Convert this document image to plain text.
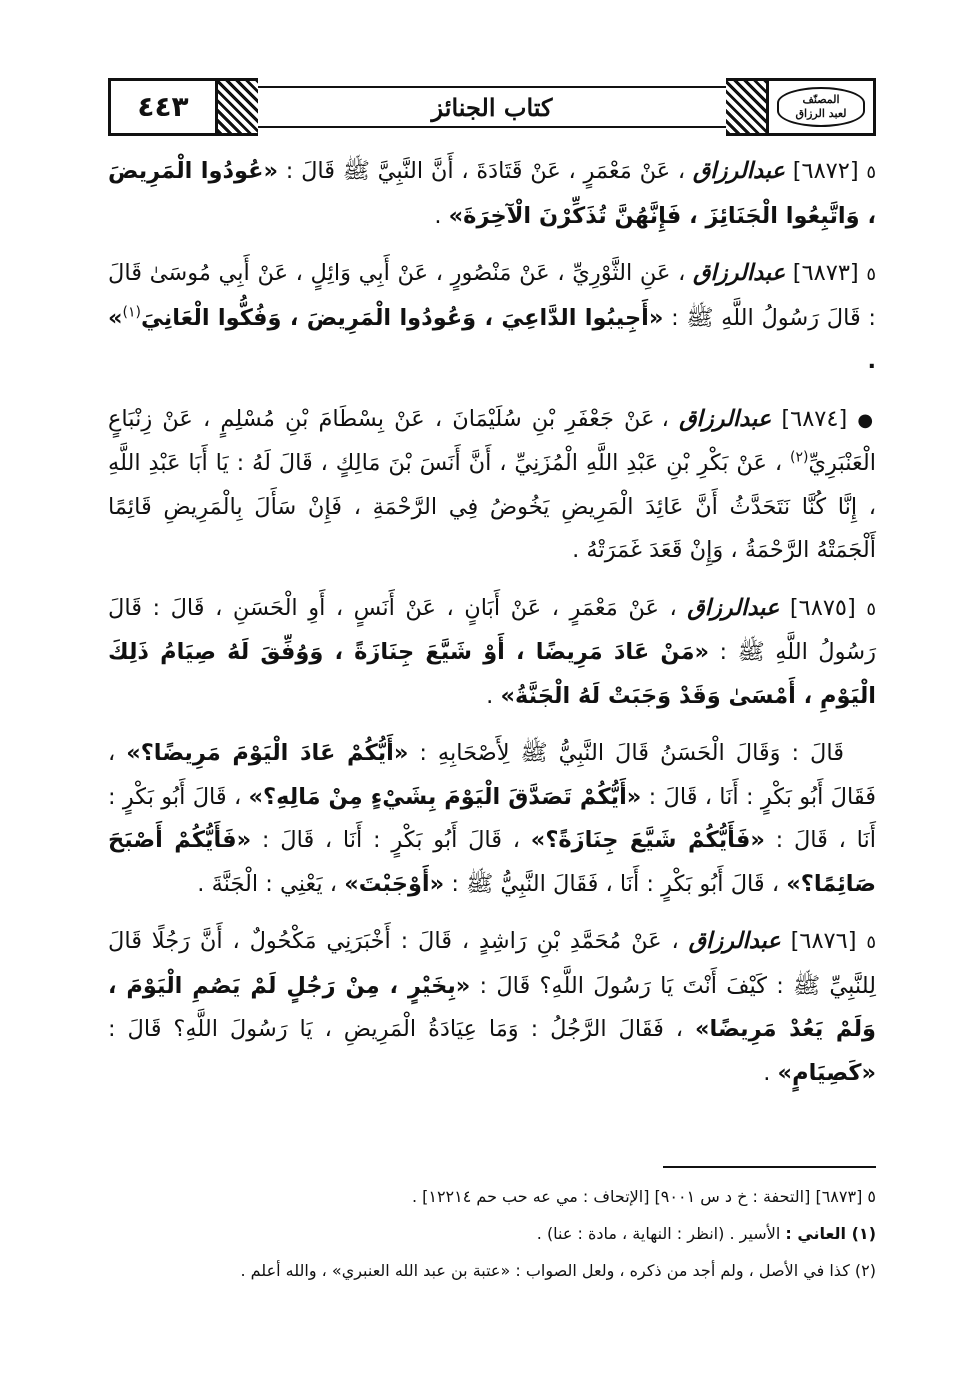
٤٤٣	كتاب الجنائز	المصنّف
لعبد الرزاق

٥ [٦٨٧٢] عبدالرزاق ، عَنْ مَعْمَرٍ ، عَنْ قَتَادَةَ ، أَنَّ النَّبِيَّ ﷺ قَالَ : «عُودُوا الْمَرِيضَ ، وَاتَّبِعُوا الْجَنَائِزَ ، فَإِنَّهُنَّ تُذَكِّرْنَ الْآخِرَةَ» .

٥ [٦٨٧٣] عبدالرزاق ، عَنِ الثَّوْرِيِّ ، عَنْ مَنْصُورٍ ، عَنْ أَبِي وَائِلٍ ، عَنْ أَبِي مُوسَىٰ قَالَ : قَالَ رَسُولُ اللَّهِ ﷺ : «أَجِيبُوا الدَّاعِيَ ، وَعُودُوا الْمَرِيضَ ، وَفُكُّوا الْعَانِيَ$^{(١)}$» .

● [٦٨٧٤] عبدالرزاق ، عَنْ جَعْفَرِ بْنِ سُلَيْمَانَ ، عَنْ بِسْطَامَ بْنِ مُسْلِمٍ ، عَنْ زِنْبَاعٍ الْعَنْبَرِيِّ$^{(٢)}$ ، عَنْ بَكْرِ بْنِ عَبْدِ اللَّهِ الْمُزَنِيِّ ، أَنَّ أَنَسَ بْنَ مَالِكٍ ، قَالَ لَهُ : يَا أَبَا عَبْدِ اللَّهِ ، إِنَّا كُنَّا نَتَحَدَّثُ أَنَّ عَائِدَ الْمَرِيضِ يَخُوضُ فِي الرَّحْمَةِ ، فَإِنْ سَأَلَ بِالْمَرِيضِ قَائِمًا أَلْجَمَتْهُ الرَّحْمَةُ ، وَإِنْ قَعَدَ غَمَرَتْهُ .

٥ [٦٨٧٥] عبدالرزاق ، عَنْ مَعْمَرٍ ، عَنْ أَبَانٍ ، عَنْ أَنَسٍ ، أَوِ الْحَسَنِ ، قَالَ : قَالَ رَسُولُ اللَّهِ ﷺ : «مَنْ عَادَ مَرِيضًا ، أَوْ شَيَّعَ جِنَازَةً ، وَوُفِّقَ لَهُ صِيَامُ ذَلِكَ الْيَوْمِ ، أَمْسَىٰ وَقَدْ وَجَبَتْ لَهُ الْجَنَّةُ» .

قَالَ : وَقَالَ الْحَسَنُ قَالَ النَّبِيُّ ﷺ لِأَصْحَابِهِ : «أَيُّكُمْ عَادَ الْيَوْمَ مَرِيضًا؟» ، فَقَالَ أَبُو بَكْرٍ : أَنَا ، قَالَ : «أَيُّكُمْ تَصَدَّقَ الْيَوْمَ بِشَيْءٍ مِنْ مَالِهِ؟» ، قَالَ أَبُو بَكْرٍ : أَنَا ، قَالَ : «فَأَيُّكُمْ شَيَّعَ جِنَازَةً؟» ، قَالَ أَبُو بَكْرٍ : أَنَا ، قَالَ : «فَأَيُّكُمْ أَصْبَحَ صَائِمًا؟» ، قَالَ أَبُو بَكْرٍ : أَنَا ، فَقَالَ النَّبِيُّ ﷺ : «أَوْجَبْتَ» ، يَعْنِي : الْجَنَّةَ .

٥ [٦٨٧٦] عبدالرزاق ، عَنْ مُحَمَّدِ بْنِ رَاشِدٍ ، قَالَ : أَخْبَرَنِي مَكْحُولٌ ، أَنَّ رَجُلًا قَالَ لِلنَّبِيِّ ﷺ : كَيْفَ أَنْتَ يَا رَسُولَ اللَّهِ؟ قَالَ : «بِخَيْرٍ ، مِنْ رَجُلٍ لَمْ يَصُمِ الْيَوْمَ ، وَلَمْ يَعُدْ مَرِيضًا» ، فَقَالَ الرَّجُلُ : وَمَا عِيَادَةُ الْمَرِيضِ ، يَا رَسُولَ اللَّهِ؟ قَالَ : «كَصِيَامٍ» .

٥ [٦٨٧٣] [التحفة : خ د س ٩٠٠١] [الإتحاف : مي عه حب حم ١٢٢١٤] .

(١) العاني : الأسير . (انظر : النهاية ، مادة : عنا) .

(٢) كذا في الأصل ، ولم أجد من ذكره ، ولعل الصواب : «عتبة بن عبد الله العنبري» ، والله أعلم .
